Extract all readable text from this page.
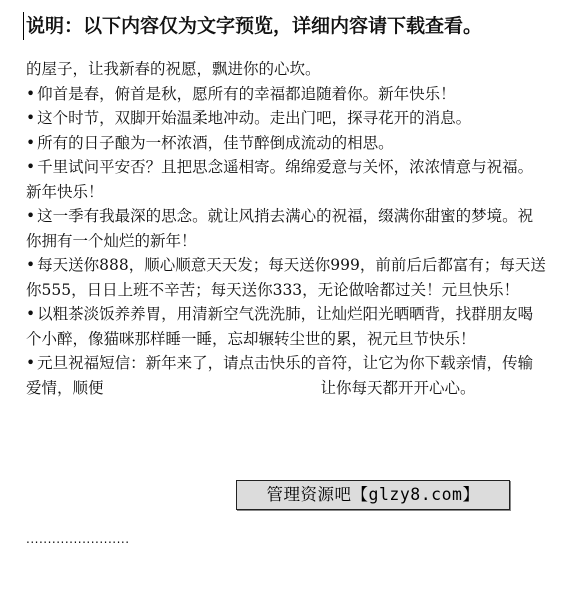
说明：以下内容仅为文字预览，详细内容请下载查看。

的屋子，让我新春的祝愿，飘进你的心坎。

• 仰首是春，俯首是秋，愿所有的幸福都追随着你。新年快乐！

• 这个时节，双脚开始温柔地冲动。走出门吧，探寻花开的消息。

• 所有的日子酿为一杯浓酒，佳节醉倒成流动的相思。

• 千里试问平安否？且把思念遥相寄。绵绵爱意与关怀，浓浓情意与祝福。新年快乐！

• 这一季有我最深的思念。就让风捎去满心的祝福，缀满你甜蜜的梦境。祝你拥有一个灿烂的新年！

• 每天送你888，顺心顺意天天发；每天送你999，前前后后都富有；每天送你555，日日上班不辛苦；每天送你333，无论做啥都过关！元旦快乐！

• 以粗茶淡饭养养胃，用清新空气洗洗肺，让灿烂阳光晒晒背，找群朋友喝个小醉，像猫咪那样睡一睡，忘却辗转尘世的累，祝元旦节快乐！

• 元旦祝福短信：新年来了，请点击快乐的音符，让它为你下载亲情，传输爱情，顺便　　　　　　　　　　　　　　让你每天都开开心心。

管理资源吧【glzy8.com】
........................
